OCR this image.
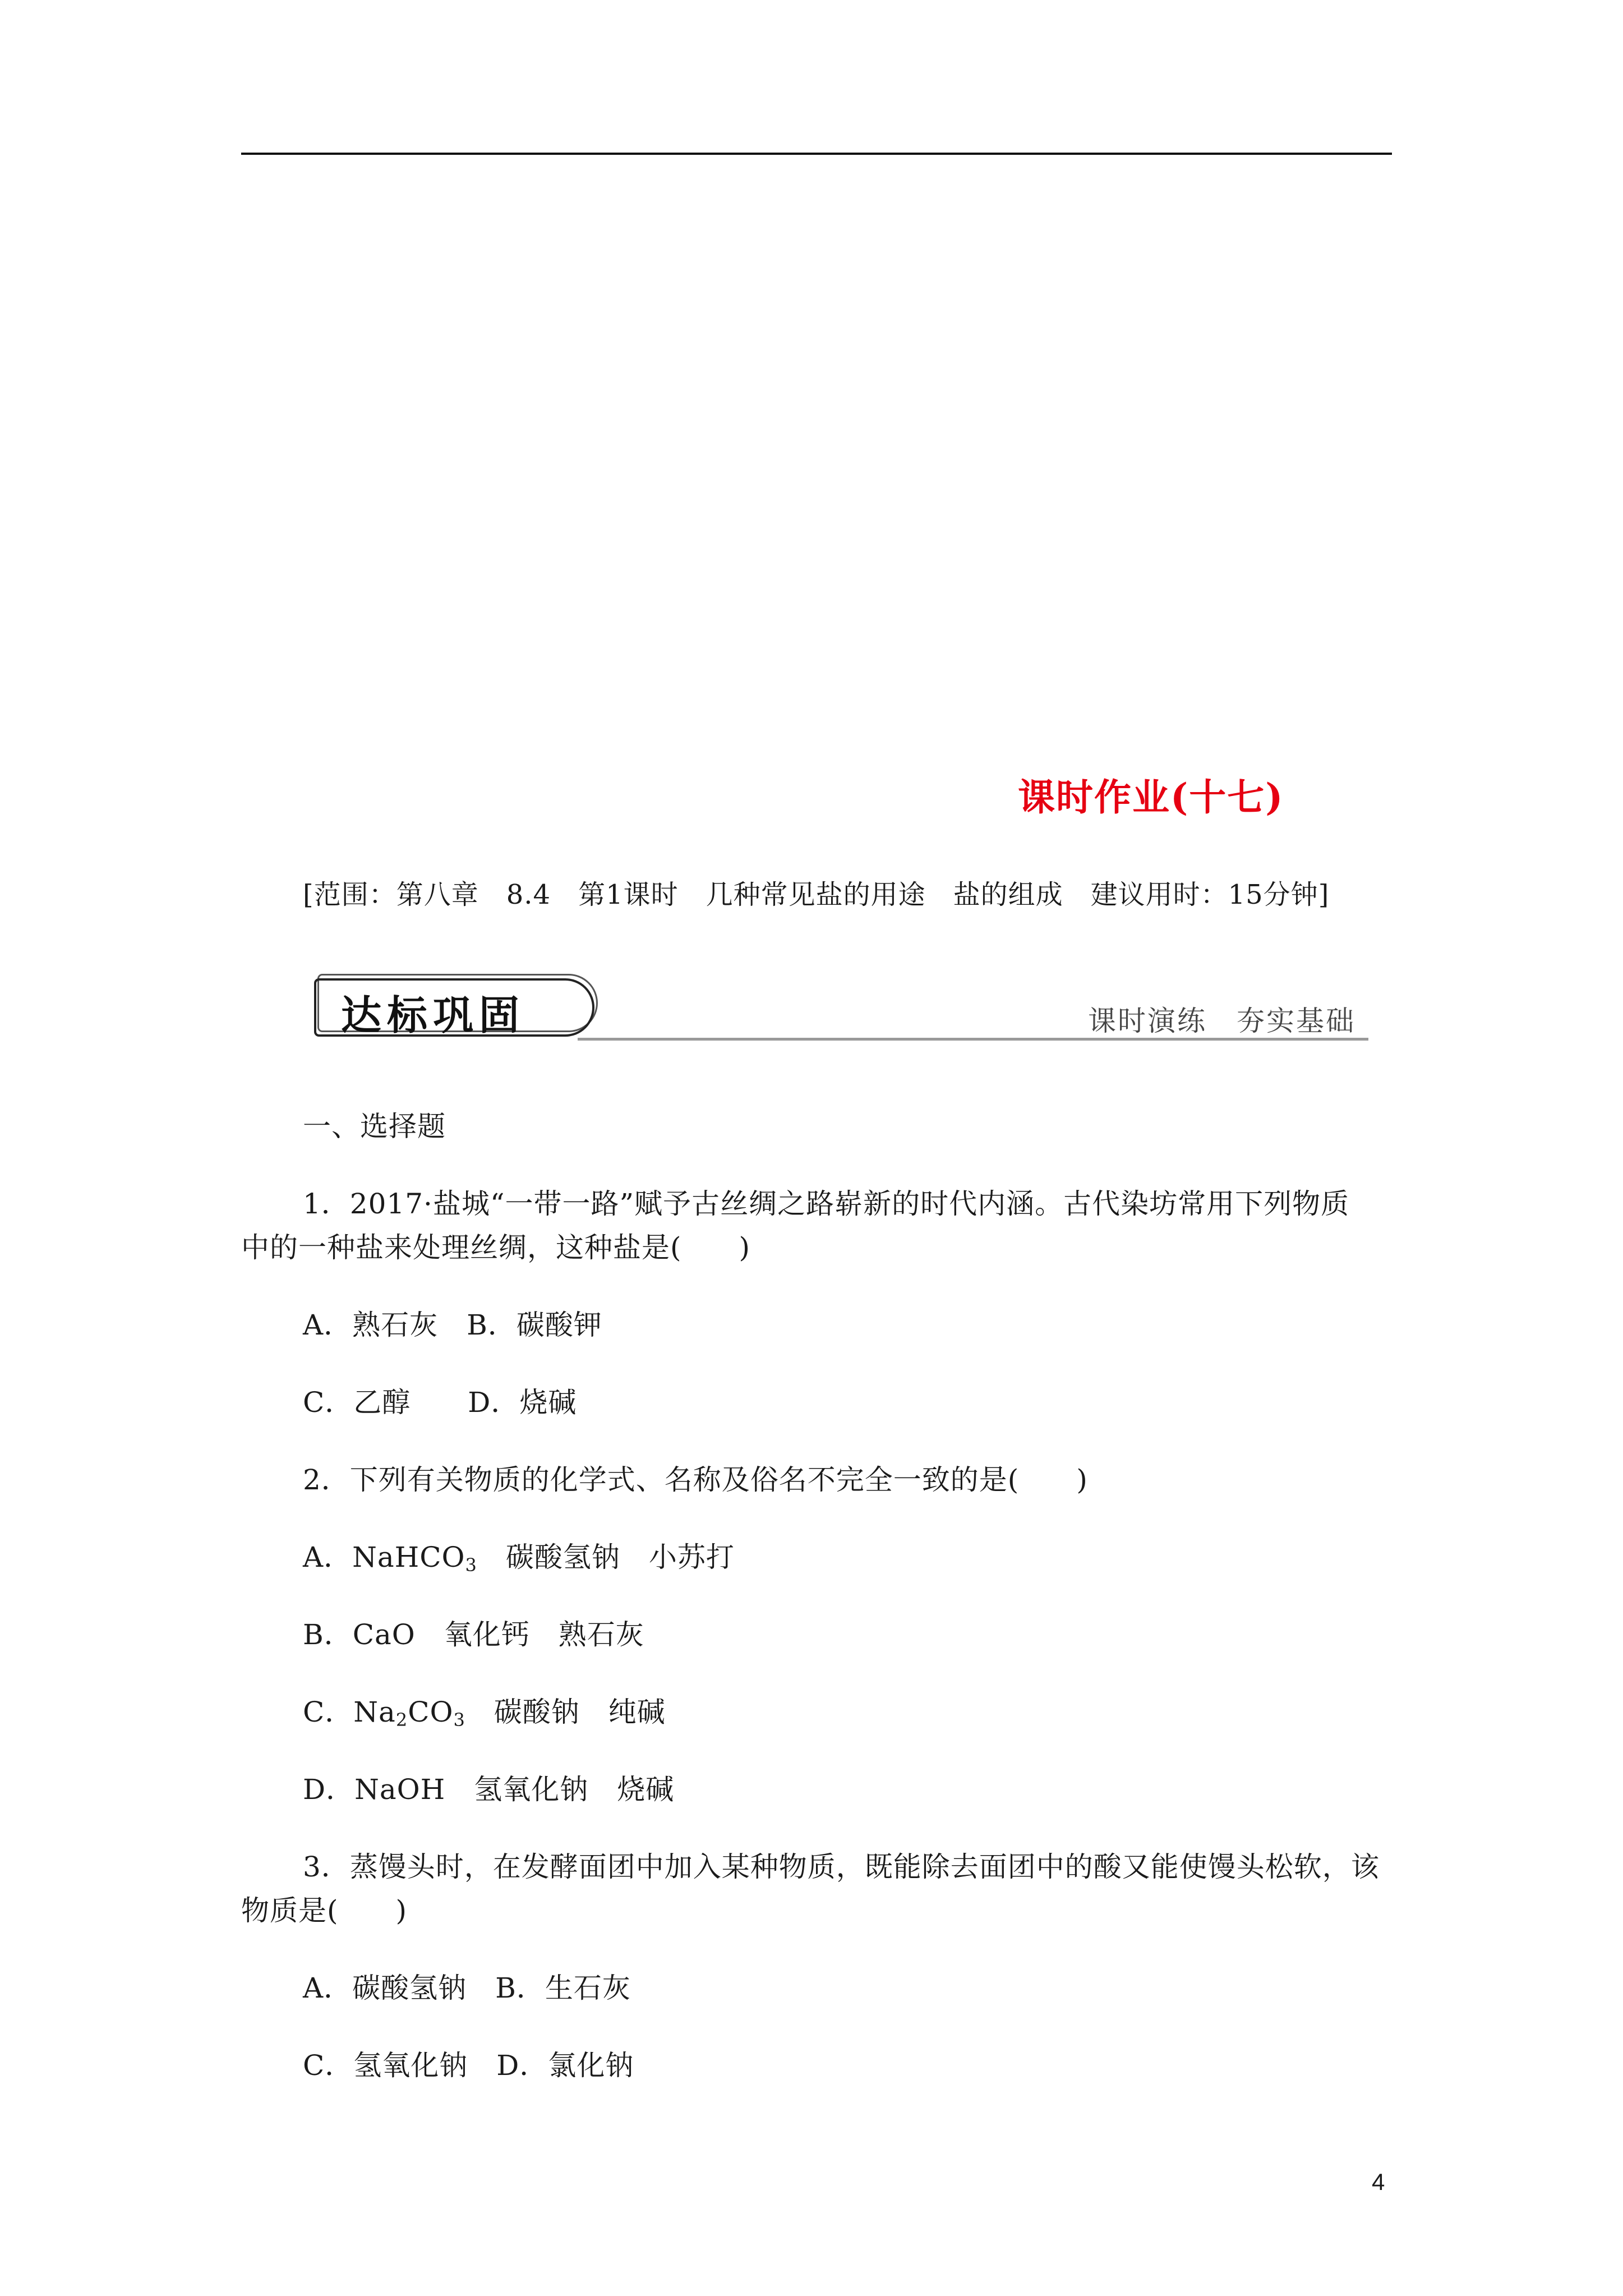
课时作业(十七)
[范围：第八章　8.4　第1课时　几种常见盐的用途　盐的组成　建议用时：15分钟]
达标巩固	课时演练　夯实基础
一、选择题
1．2017·盐城“一带一路”赋予古丝绸之路崭新的时代内涵。古代染坊常用下列物质
中的一种盐来处理丝绸，这种盐是(　　)
A．熟石灰　B．碳酸钾
C．乙醇　　D．烧碱
2．下列有关物质的化学式、名称及俗名不完全一致的是(　　)
A．NaHCO$_3$　碳酸氢钠　小苏打
B．CaO　氧化钙　熟石灰
C．$Na_2CO_3$　碳酸钠　纯碱
D．NaOH　氢氧化钠　烧碱
3．蒸馒头时，在发酵面团中加入某种物质，既能除去面团中的酸又能使馒头松软，该
物质是(　　)
A．碳酸氢钠　B．生石灰
C．氢氧化钠　D．氯化钠
4
